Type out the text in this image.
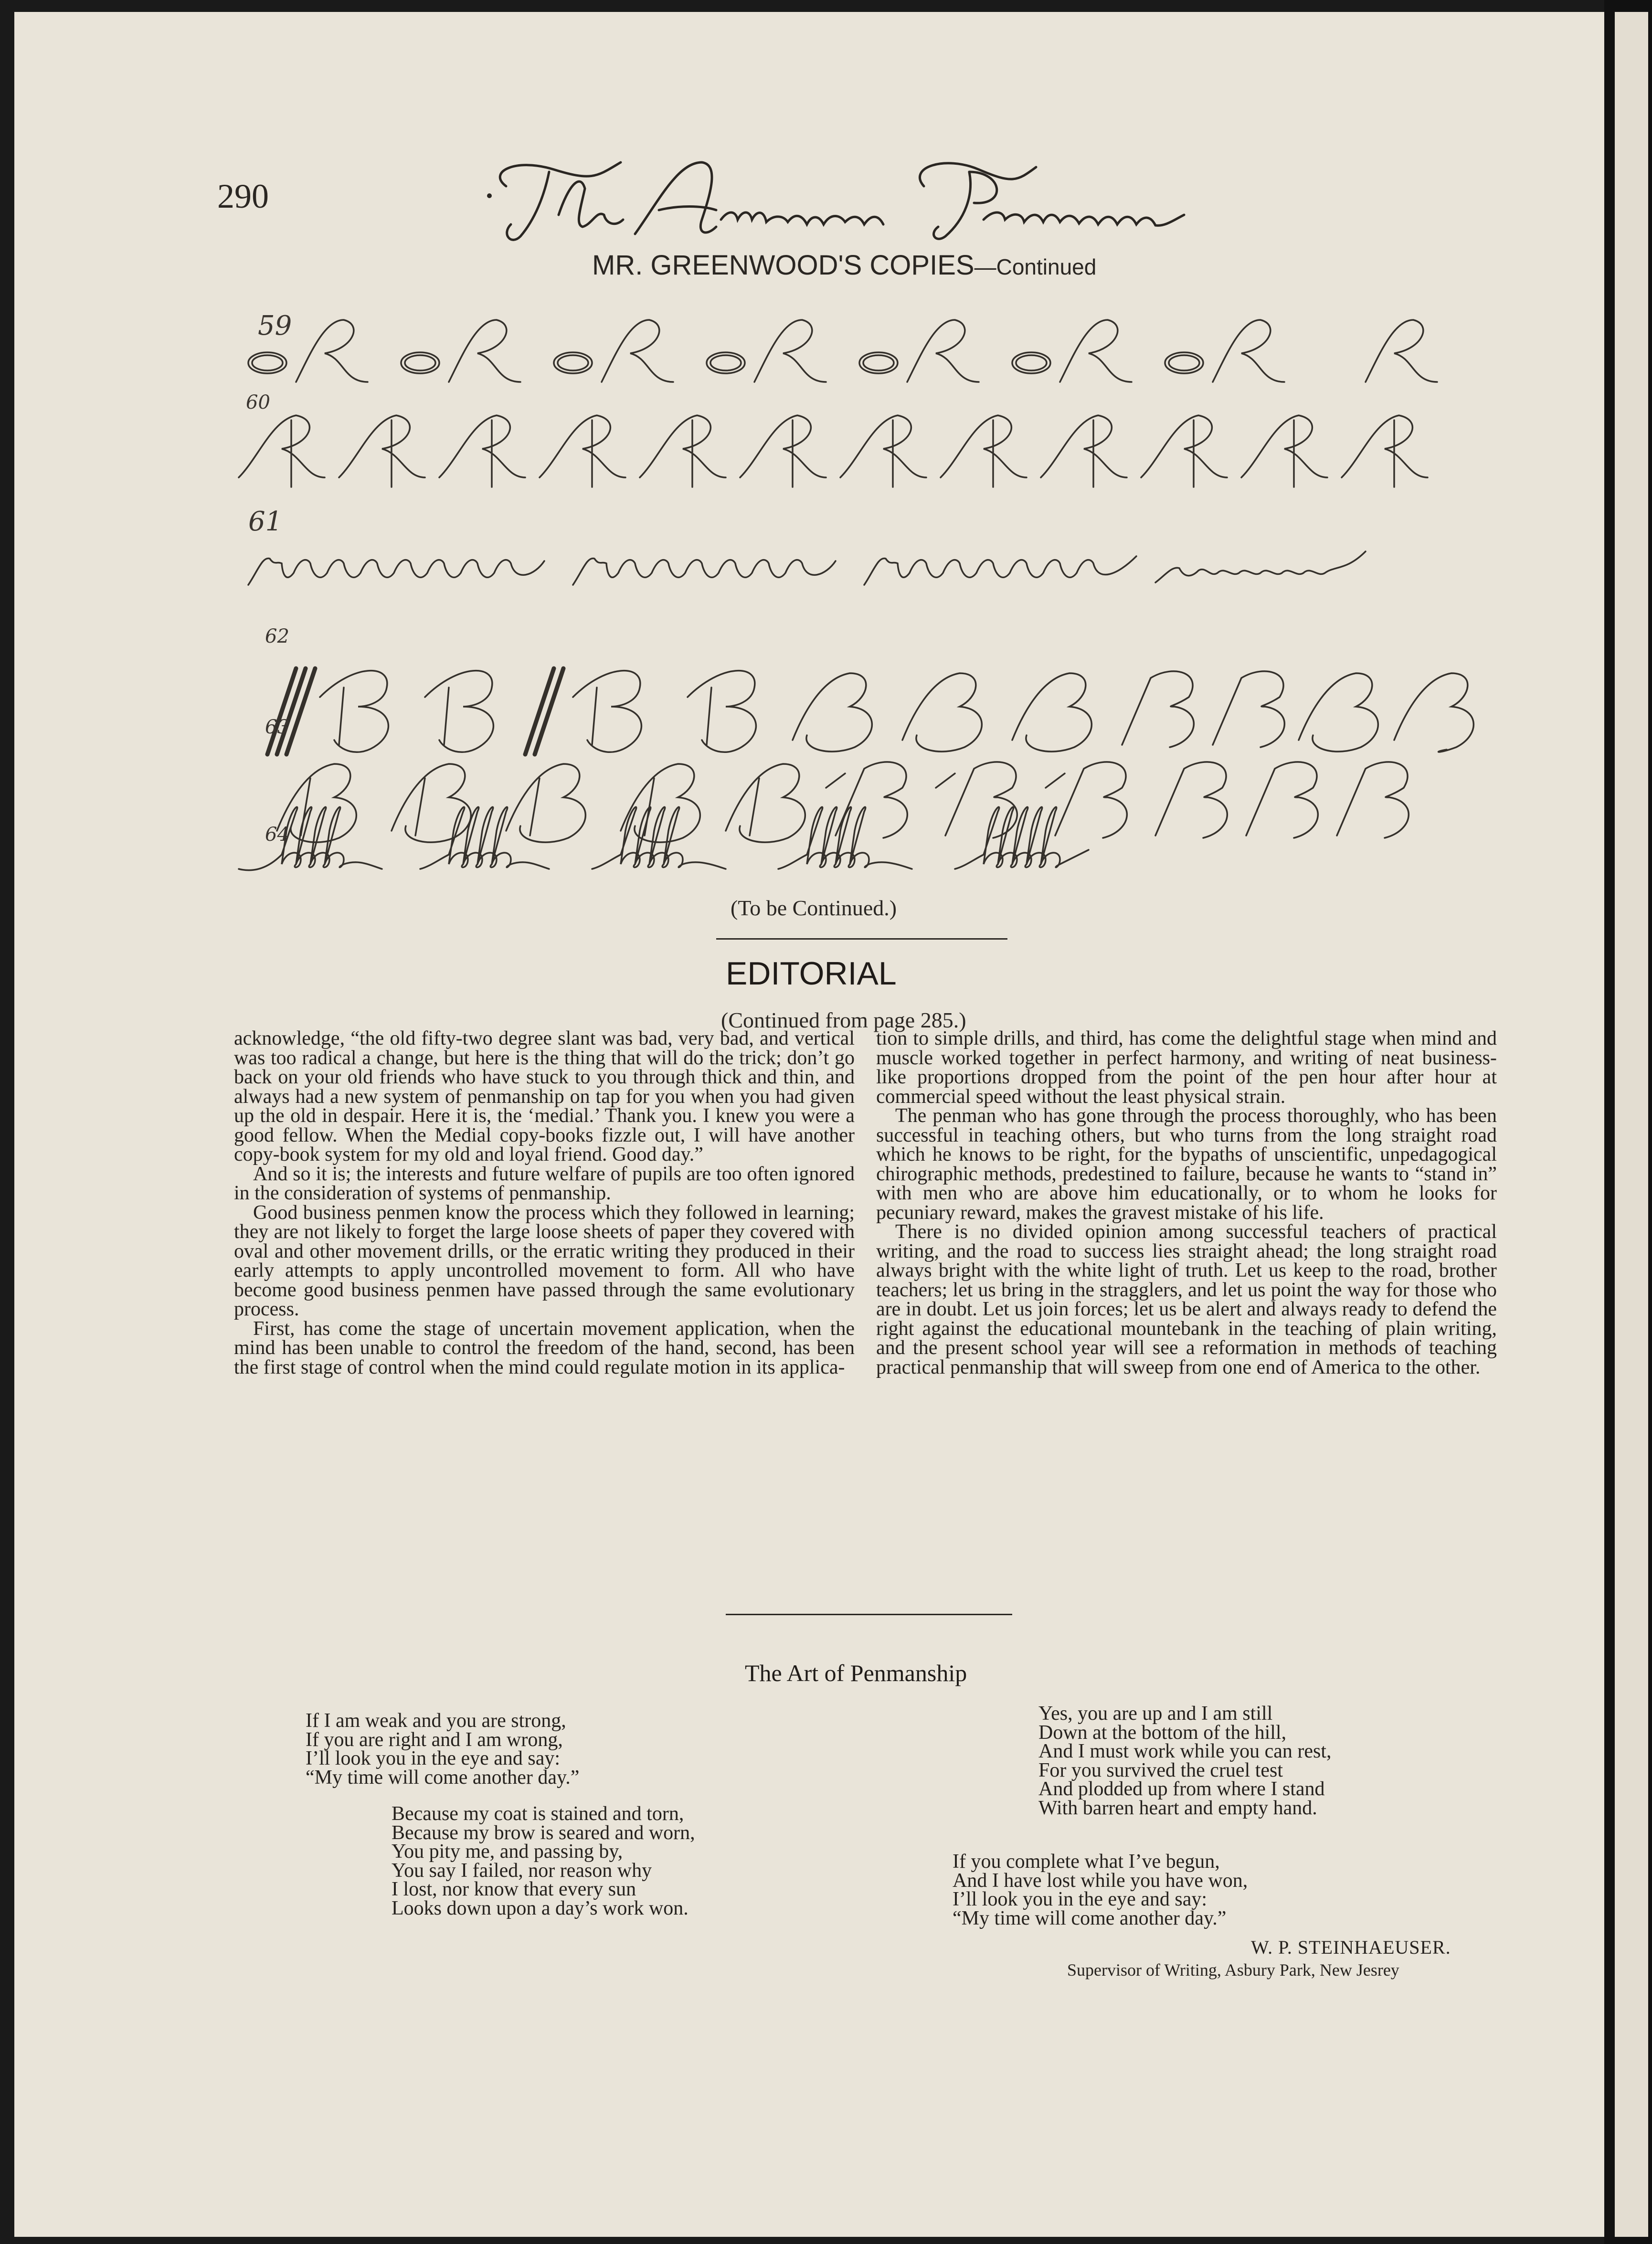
290
MR. GREENWOOD'S COPIES—Continued
59
60
61
62
63
64
(To be Continued.)
EDITORIAL
(Continued from page 285.)

acknowledge, “the old fifty-two degree slant was bad, very bad, and vertical was too radical a change, but here is the thing that will do the trick; don’t go back on your old friends who have stuck to you through thick and thin, and always had a new system of penmanship on tap for you when you had given up the old in despair. Here it is, the ‘medial.’ Thank you. I knew you were a good fellow. When the Medial copy-books fizzle out, I will have another copy-book system for my old and loyal friend. Good day.”

And so it is; the interests and future welfare of pupils are too often ignored in the consideration of systems of penmanship.

Good business penmen know the process which they followed in learning; they are not likely to forget the large loose sheets of paper they covered with oval and other movement drills, or the erratic writing they produced in their early attempts to apply uncontrolled movement to form. All who have become good business penmen have passed through the same evolutionary process.

First, has come the stage of uncertain movement application, when the mind has been unable to control the freedom of the hand, second, has been the first stage of control when the mind could regulate motion in its applica-

tion to simple drills, and third, has come the delightful stage when mind and muscle worked together in perfect harmony, and writing of neat business-like proportions dropped from the point of the pen hour after hour at commercial speed without the least physical strain.

The penman who has gone through the process thoroughly, who has been successful in teaching others, but who turns from the long straight road which he knows to be right, for the bypaths of unscientific, unpedagogical chirographic methods, predestined to failure, because he wants to “stand in” with men who are above him educationally, or to whom he looks for pecuniary reward, makes the gravest mistake of his life.

There is no divided opinion among successful teachers of practical writing, and the road to success lies straight ahead; the long straight road always bright with the white light of truth. Let us keep to the road, brother teachers; let us bring in the stragglers, and let us point the way for those who are in doubt. Let us join forces; let us be alert and always ready to defend the right against the educational mountebank in the teaching of plain writing, and the present school year will see a reformation in methods of teaching practical penmanship that will sweep from one end of America to the other.

The Art of Penmanship
If I am weak and you are strong,
If you are right and I am wrong,
I’ll look you in the eye and say:
“My time will come another day.”
Because my coat is stained and torn,
Because my brow is seared and worn,
You pity me, and passing by,
You say I failed, nor reason why
I lost, nor know that every sun
Looks down upon a day’s work won.
Yes, you are up and I am still
Down at the bottom of the hill,
And I must work while you can rest,
For you survived the cruel test
And plodded up from where I stand
With barren heart and empty hand.
If you complete what I’ve begun,
And I have lost while you have won,
I’ll look you in the eye and say:
“My time will come another day.”
W. P. STEINHAEUSER.
Supervisor of Writing, Asbury Park, New Jesrey
